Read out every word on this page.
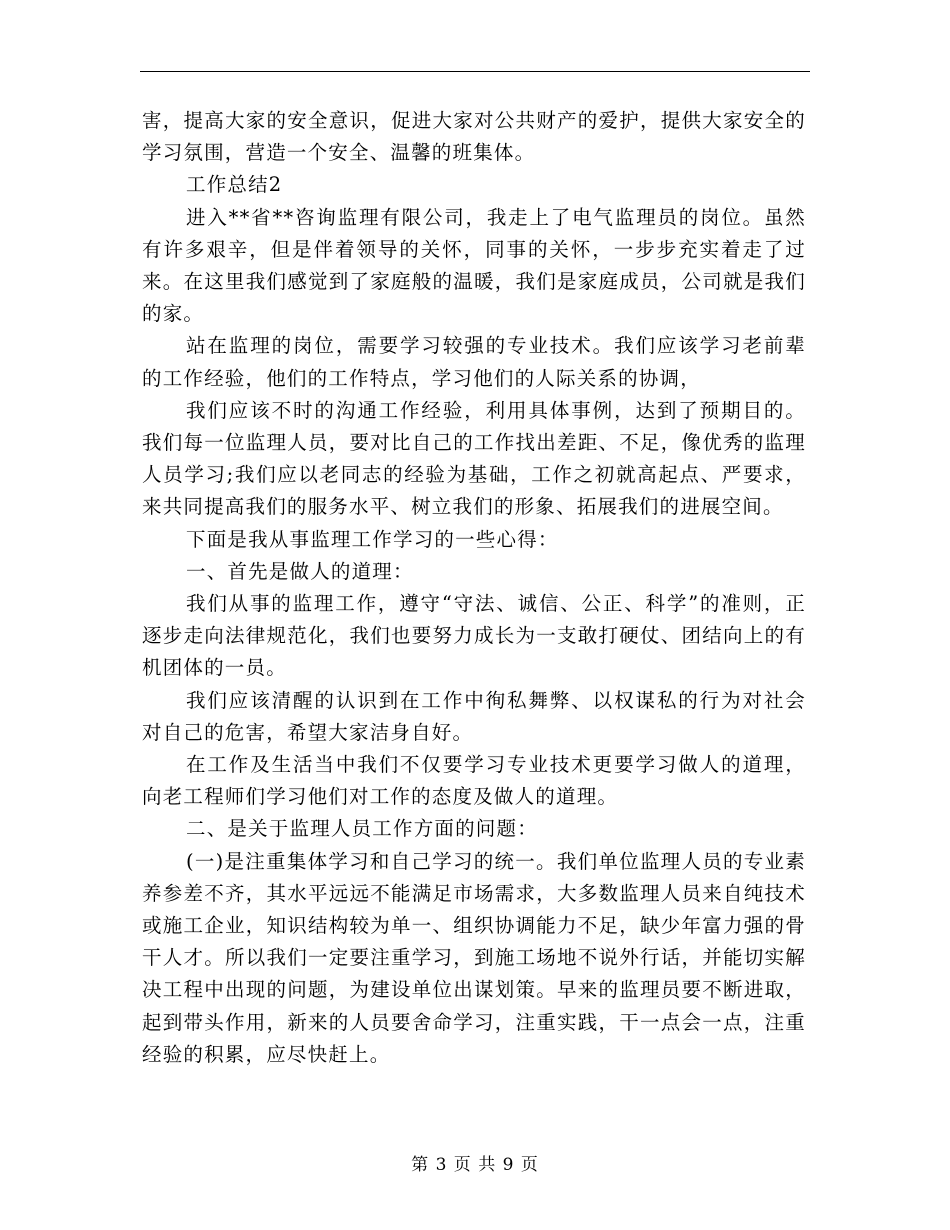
害，提高大家的安全意识，促进大家对公共财产的爱护，提供大家安全的学习氛围，营造一个安全、温馨的班集体。

工作总结2

进入**省**咨询监理有限公司，我走上了电气监理员的岗位。虽然有许多艰辛，但是伴着领导的关怀，同事的关怀，一步步充实着走了过来。在这里我们感觉到了家庭般的温暖，我们是家庭成员，公司就是我们的家。

站在监理的岗位，需要学习较强的专业技术。我们应该学习老前辈的工作经验，他们的工作特点，学习他们的人际关系的协调，

我们应该不时的沟通工作经验，利用具体事例，达到了预期目的。我们每一位监理人员，要对比自己的工作找出差距、不足，像优秀的监理人员学习;我们应以老同志的经验为基础，工作之初就高起点、严要求，来共同提高我们的服务水平、树立我们的形象、拓展我们的进展空间。

下面是我从事监理工作学习的一些心得：

一、首先是做人的道理：

我们从事的监理工作，遵守“守法、诚信、公正、科学”的准则，正逐步走向法律规范化，我们也要努力成长为一支敢打硬仗、团结向上的有机团体的一员。

我们应该清醒的认识到在工作中徇私舞弊、以权谋私的行为对社会对自己的危害，希望大家洁身自好。

在工作及生活当中我们不仅要学习专业技术更要学习做人的道理，向老工程师们学习他们对工作的态度及做人的道理。

二、是关于监理人员工作方面的问题：

(一)是注重集体学习和自己学习的统一。我们单位监理人员的专业素养参差不齐，其水平远远不能满足市场需求，大多数监理人员来自纯技术或施工企业，知识结构较为单一、组织协调能力不足，缺少年富力强的骨干人才。所以我们一定要注重学习，到施工场地不说外行话，并能切实解决工程中出现的问题，为建设单位出谋划策。早来的监理员要不断进取，起到带头作用，新来的人员要舍命学习，注重实践，干一点会一点，注重经验的积累，应尽快赶上。

第 3 页 共 9 页
